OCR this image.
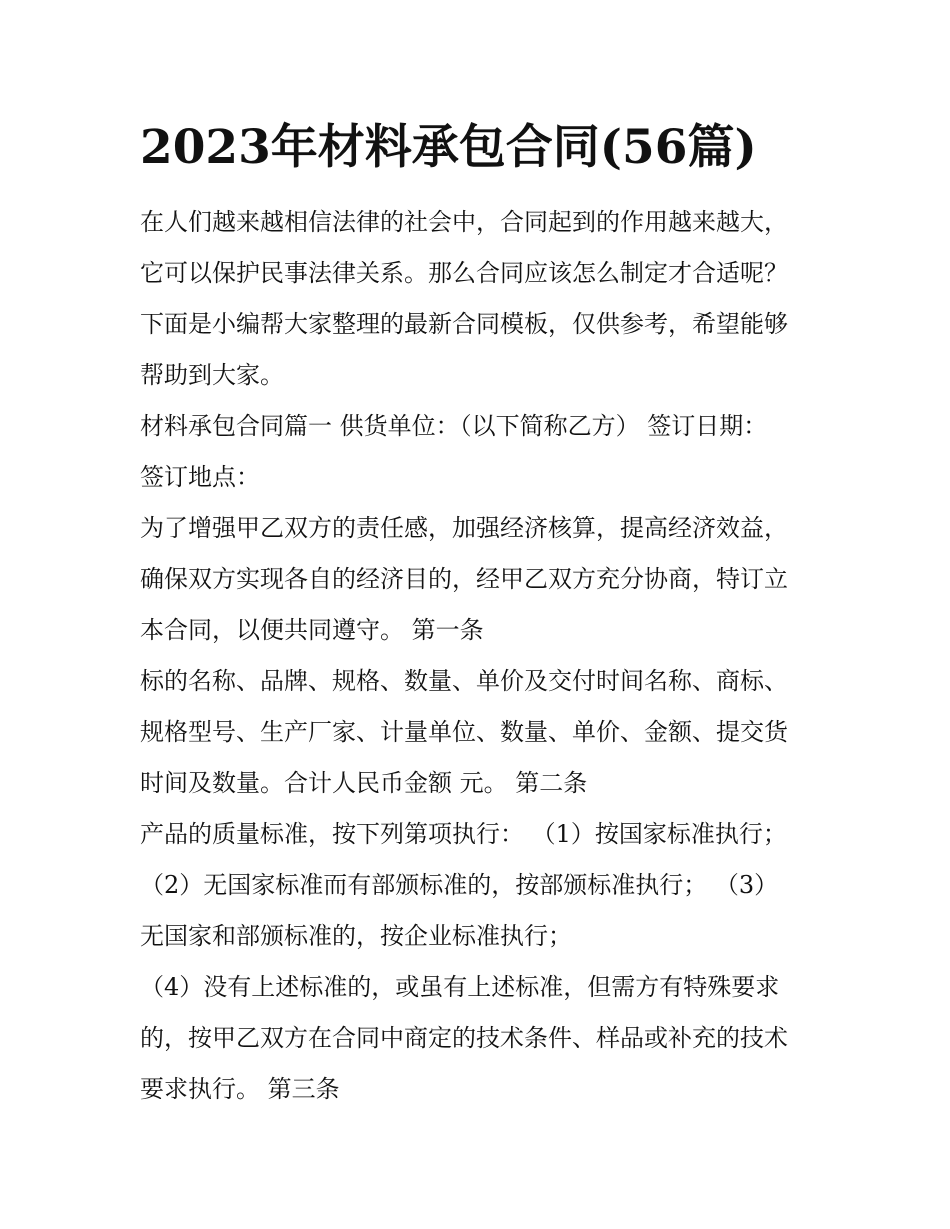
2023年材料承包合同(56篇)
在人们越来越相信法律的社会中，合同起到的作用越来越大，
它可以保护民事法律关系。那么合同应该怎么制定才合适呢？
下面是小编帮大家整理的最新合同模板，仅供参考，希望能够
帮助到大家。
材料承包合同篇一 供货单位：（以下简称乙方） 签订日期：
签订地点：
为了增强甲乙双方的责任感，加强经济核算，提高经济效益，
确保双方实现各自的经济目的，经甲乙双方充分协商，特订立
本合同，以便共同遵守。 第一条
标的名称、品牌、规格、数量、单价及交付时间名称、商标、
规格型号、生产厂家、计量单位、数量、单价、金额、提交货
时间及数量。合计人民币金额 元。 第二条
产品的质量标准，按下列第项执行： （1）按国家标准执行；
（2）无国家标准而有部颁标准的，按部颁标准执行； （3）
无国家和部颁标准的，按企业标准执行；
（4）没有上述标准的，或虽有上述标准，但需方有特殊要求
的，按甲乙双方在合同中商定的技术条件、样品或补充的技术
要求执行。 第三条
